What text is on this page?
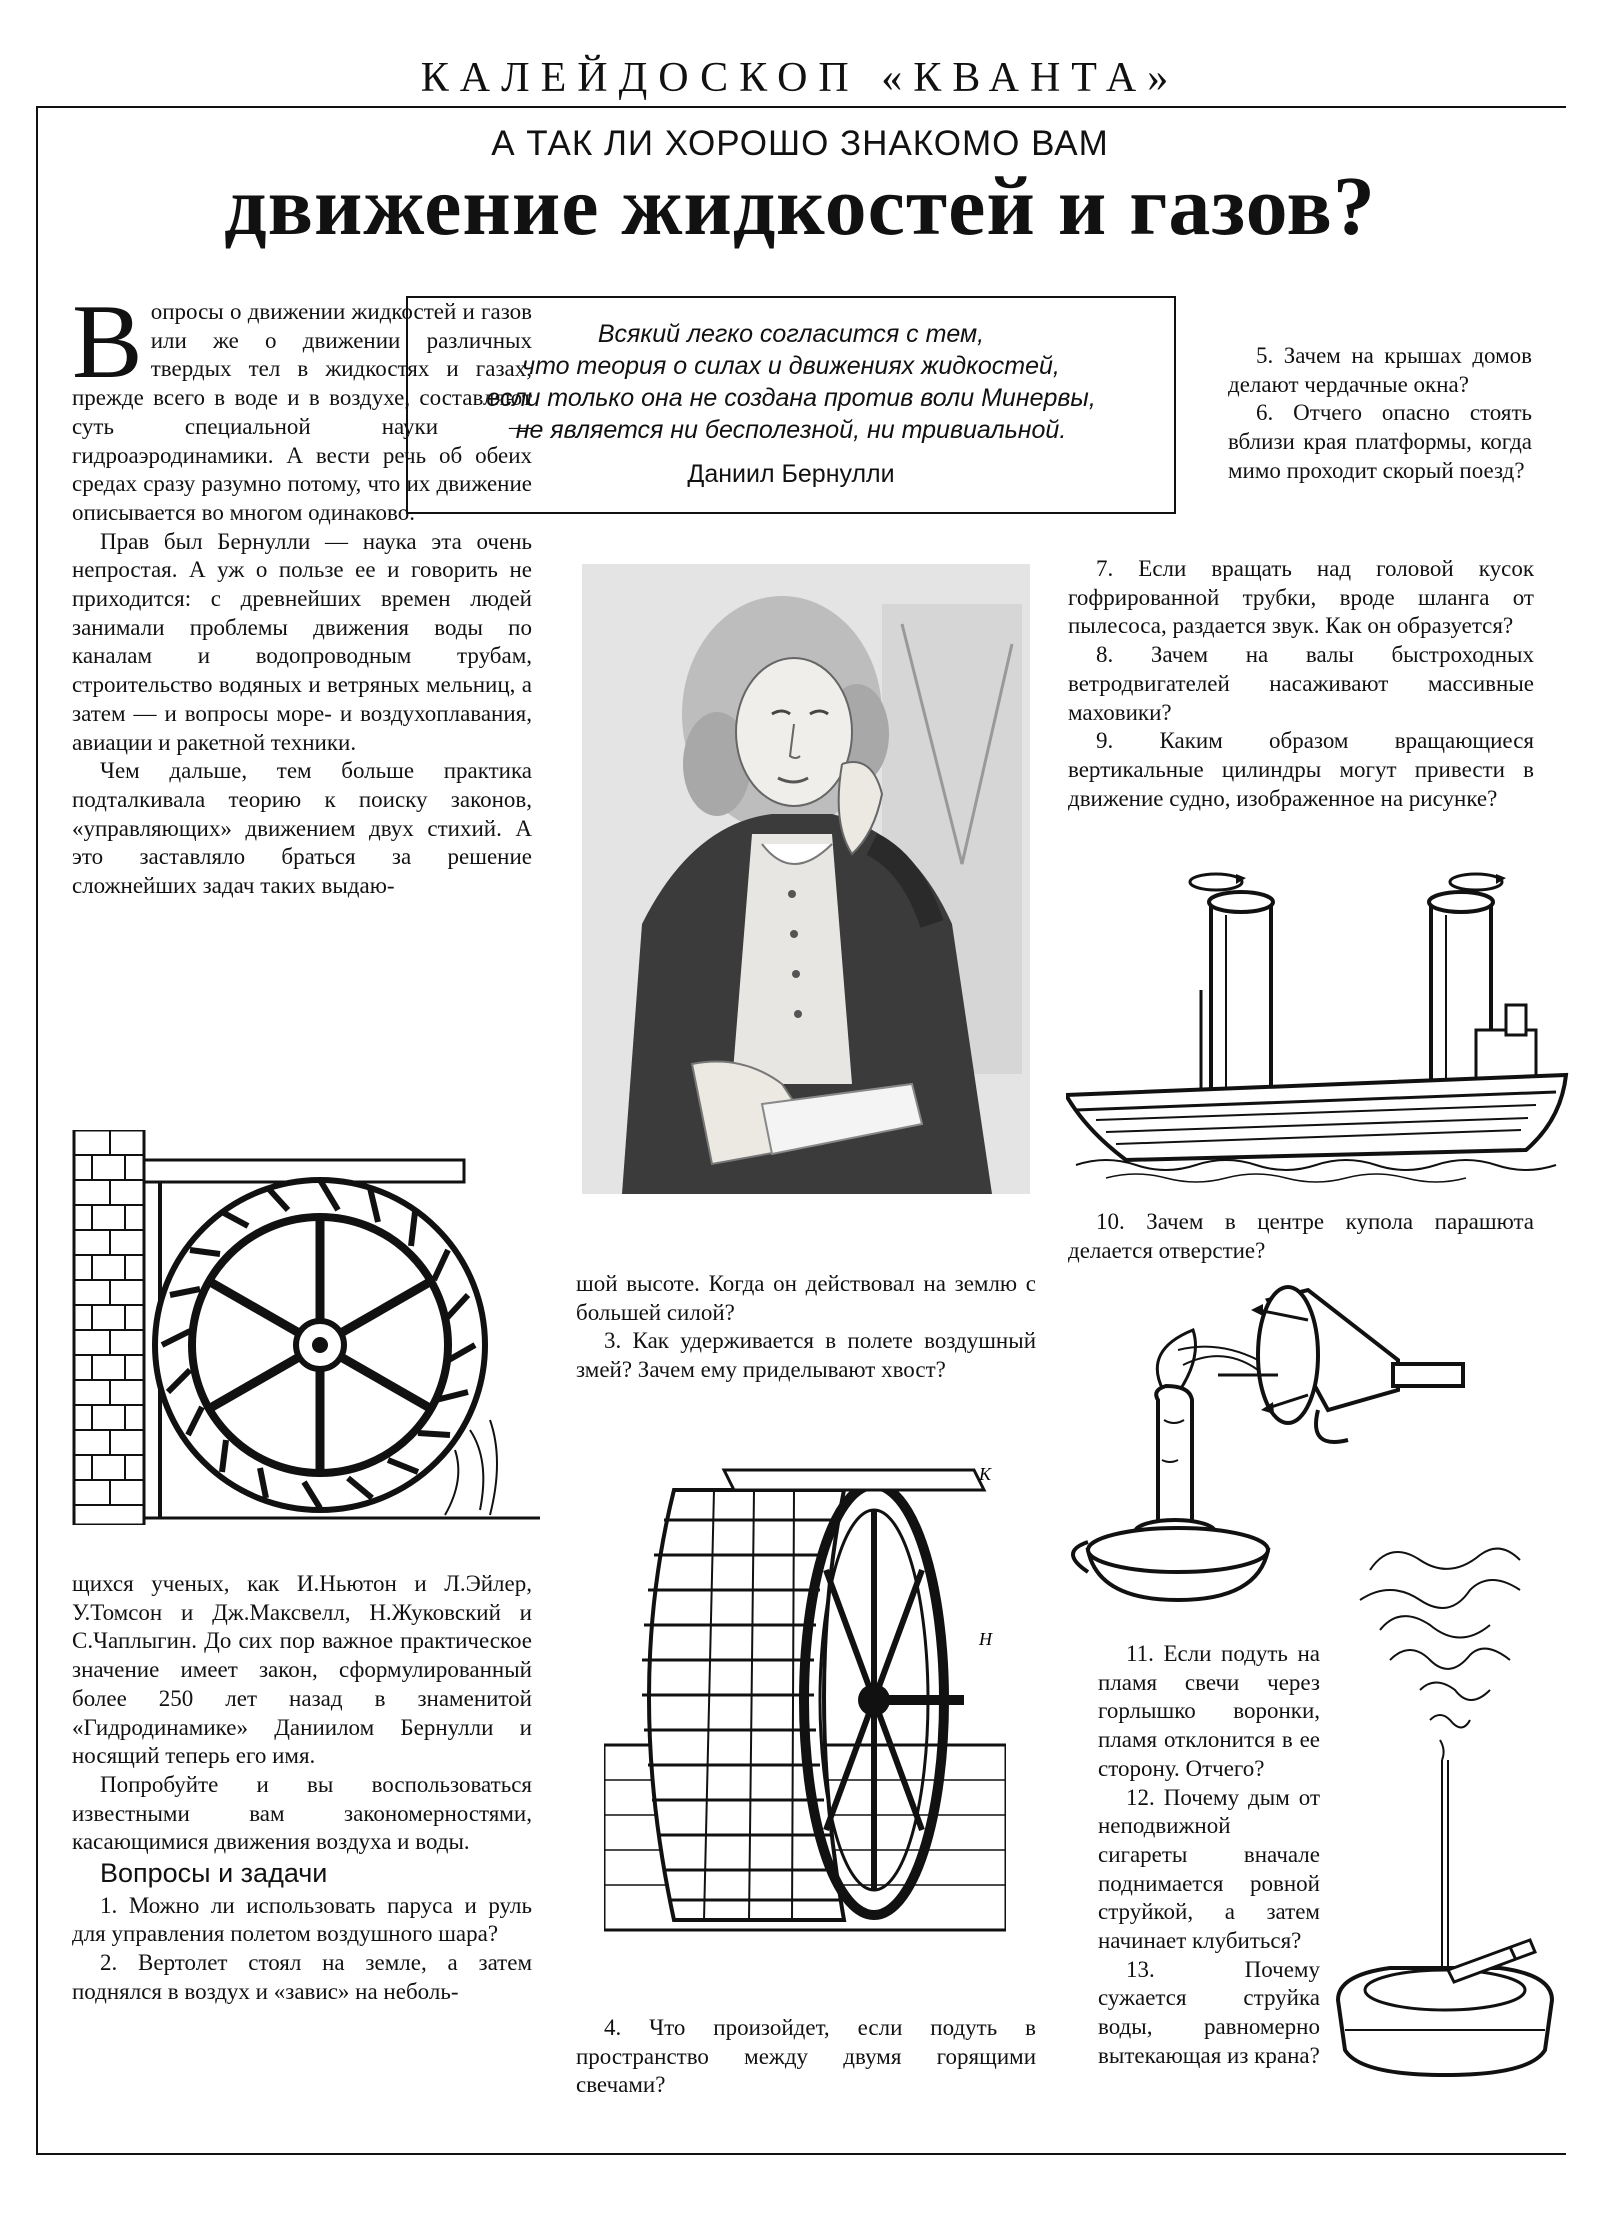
КАЛЕЙДОСКОП «КВАНТА»
А ТАК ЛИ ХОРОШО ЗНАКОМО ВАМ
движение жидкостей и газов?
Всякий легко согласится с тем,
что теория о силах и движениях жидкостей,
если только она не создана против воли Минервы,
не является ни бесполезной, ни тривиальной.
Даниил Бернулли

Вопросы о движении жидкостей и газов или же о движении различных твердых тел в жидкостях и газах, прежде всего в воде и в воздухе, составляют суть специальной науки — гидроаэродинамики. А вести речь об обеих средах сразу разумно потому, что их движение описывается во многом одинаково.

Прав был Бернулли — наука эта очень непростая. А уж о пользе ее и говорить не приходится: с древнейших времен людей занимали проблемы движения воды по каналам и водопроводным трубам, строительство водяных и ветряных мельниц, а затем — и вопросы море- и воздухоплавания, авиации и ракетной техники.

Чем дальше, тем больше практика подталкивала теорию к поиску законов, «управляющих» движением двух стихий. А это заставляло браться за решение сложнейших задач таких выдаю-

щихся ученых, как И.Ньютон и Л.Эйлер, У.Томсон и Дж.Максвелл, Н.Жуковский и С.Чаплыгин. До сих пор важное практическое значение имеет закон, сформулированный более 250 лет назад в знаменитой «Гидродинамике» Даниилом Бернулли и носящий теперь его имя.

Попробуйте и вы воспользоваться известными вам закономерностями, касающимися движения воздуха и воды.

Вопросы и задачи

1. Можно ли использовать паруса и руль для управления полетом воздушного шара?

2. Вертолет стоял на земле, а затем поднялся в воздух и «завис» на неболь-

шой высоте. Когда он действовал на землю с большей силой?

3. Как удерживается в полете воздушный змей? Зачем ему приделывают хвост?

К
Н

4. Что произойдет, если подуть в пространство между двумя горящими свечами?

5. Зачем на крышах домов делают чердачные окна?

6. Отчего опасно стоять вблизи края платформы, когда мимо проходит скорый поезд?

7. Если вращать над головой кусок гофрированной трубки, вроде шланга от пылесоса, раздается звук. Как он образуется?

8. Зачем на валы быстроходных ветродвигателей насаживают массивные маховики?

9. Каким образом вращающиеся вертикальные цилиндры могут привести в движение судно, изображенное на рисунке?

10. Зачем в центре купола парашюта делается отверстие?

11. Если подуть на пламя свечи через горлышко воронки, пламя отклонится в ее сторону. Отчего?

12. Почему дым от неподвижной сигареты вначале поднимается ровной струйкой, а затем начинает клубиться?

13. Почему сужается струйка воды, равномерно вытекающая из крана?
